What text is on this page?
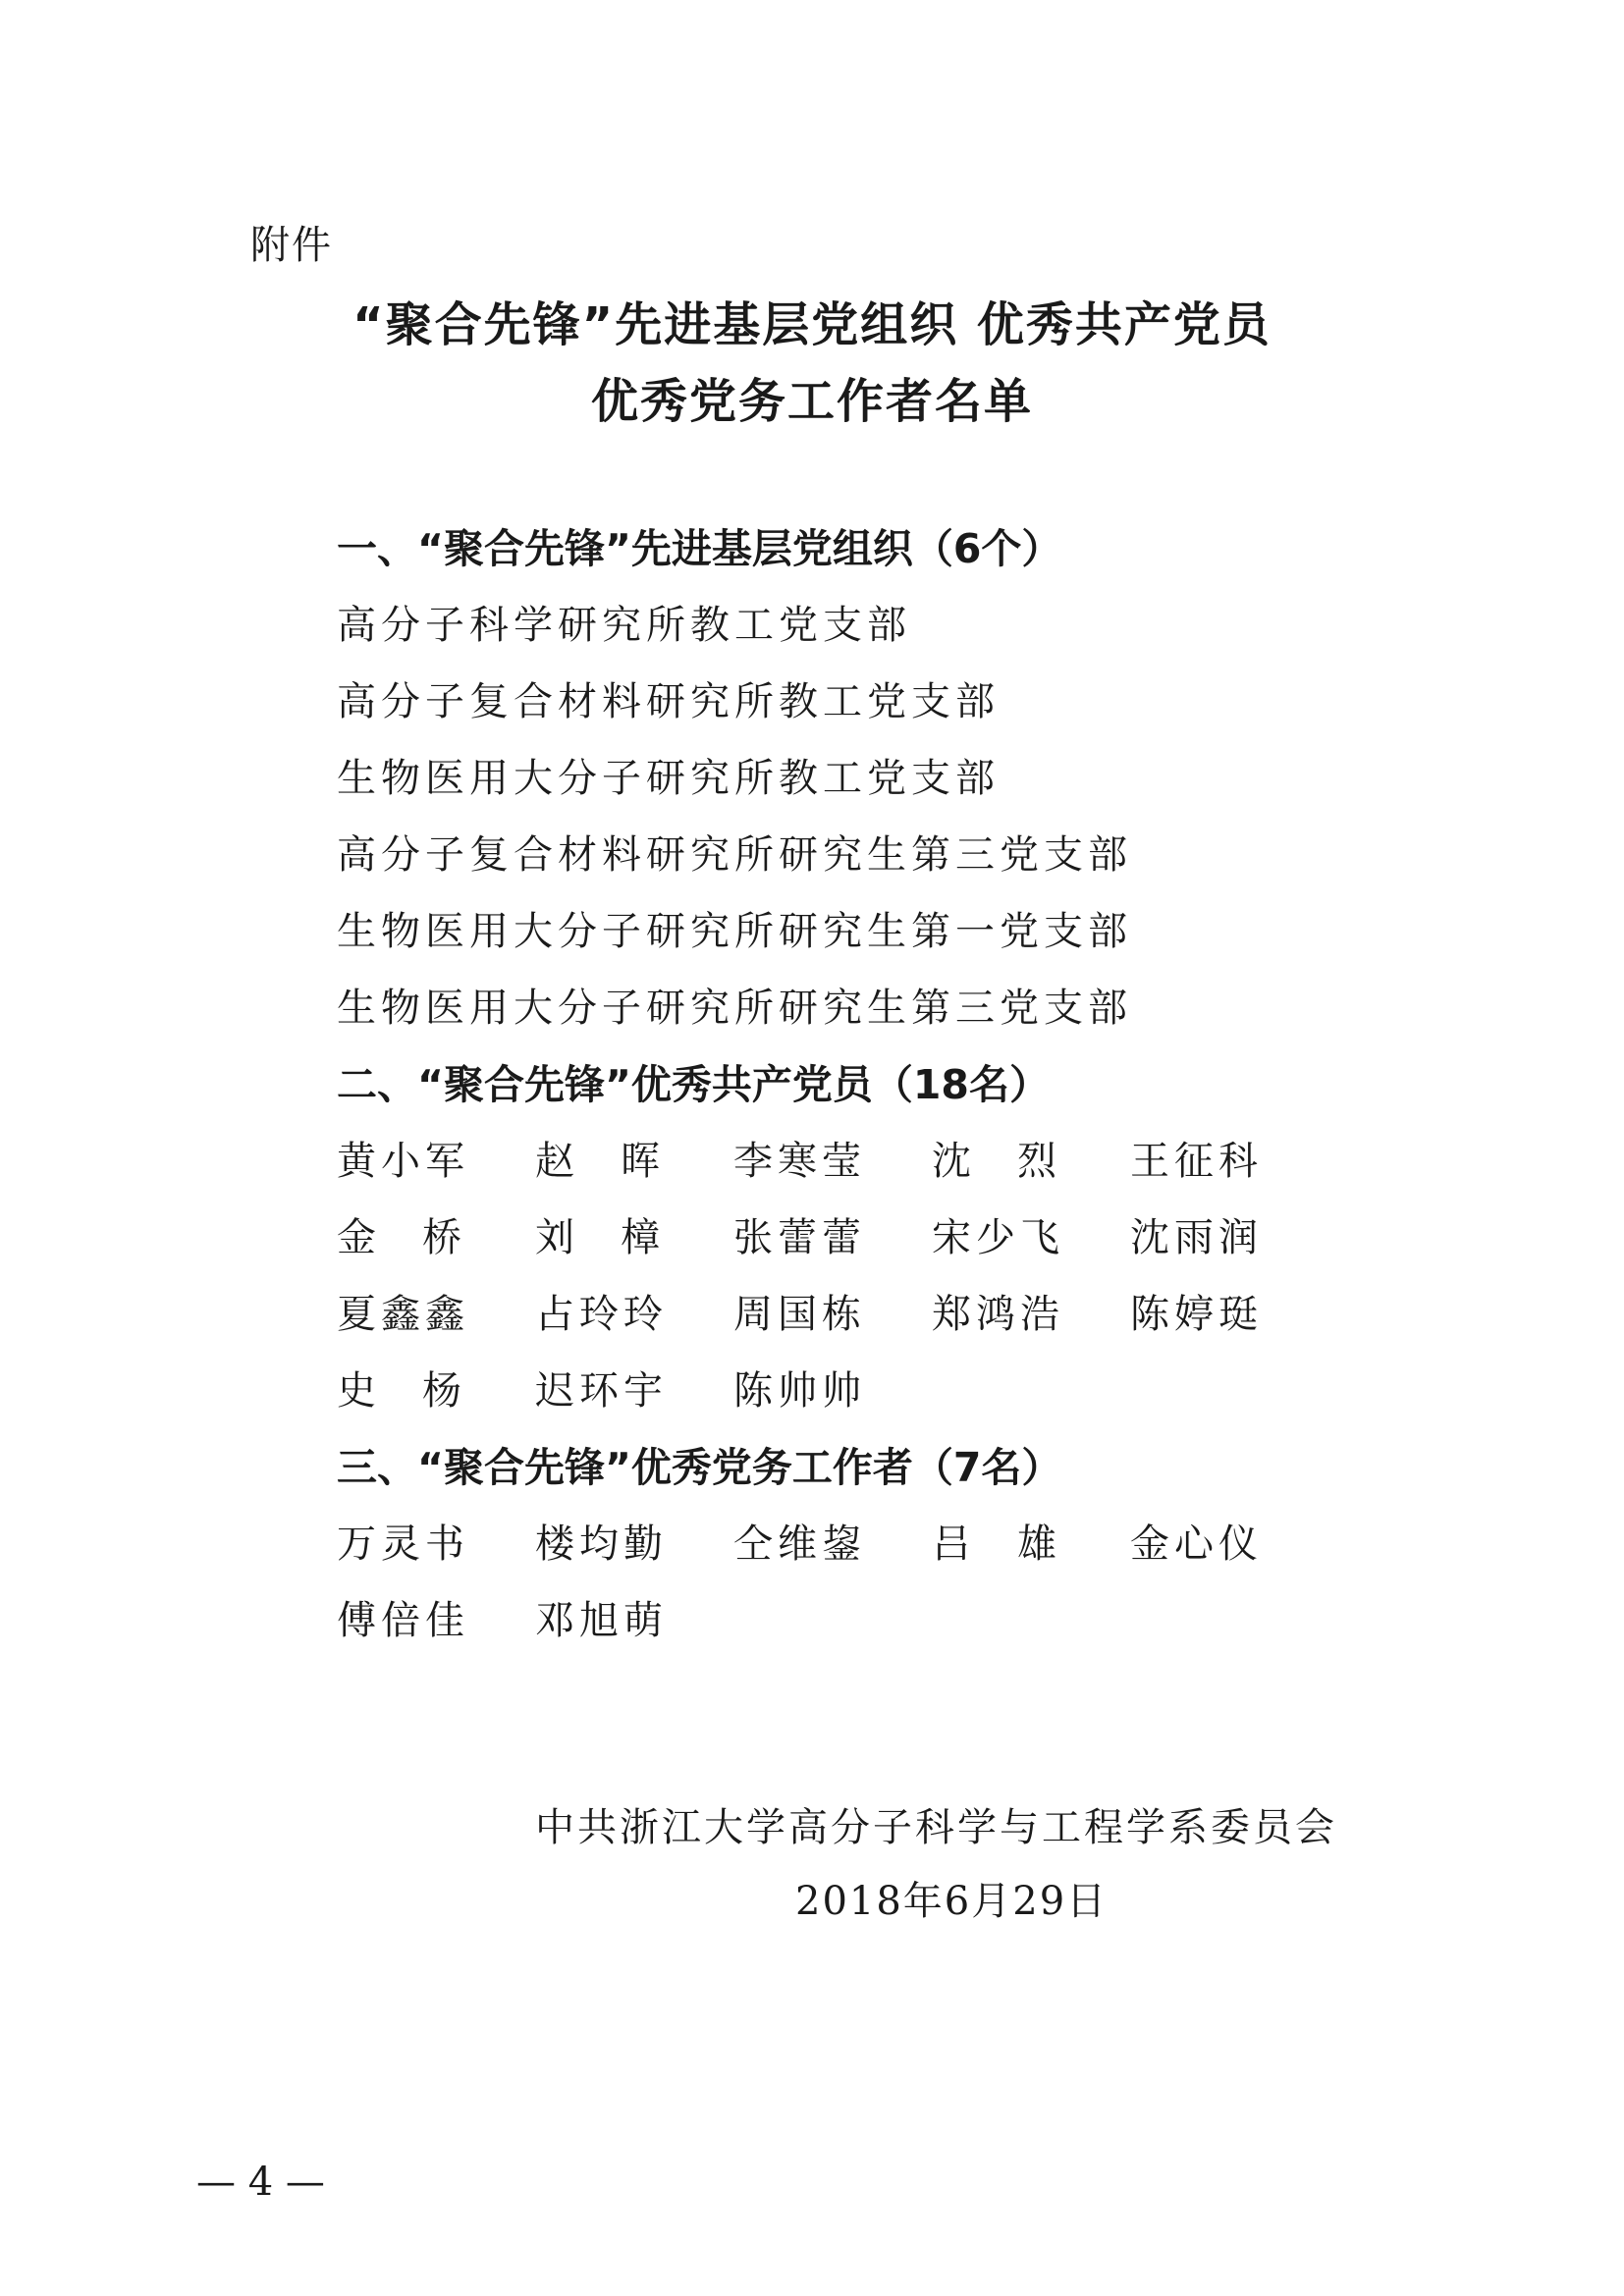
附件
“聚合先锋”先进基层党组织 优秀共产党员
优秀党务工作者名单
一、“聚合先锋”先进基层党组织（6个）
高分子科学研究所教工党支部
高分子复合材料研究所教工党支部
生物医用大分子研究所教工党支部
高分子复合材料研究所研究生第三党支部
生物医用大分子研究所研究生第一党支部
生物医用大分子研究所研究生第三党支部
二、“聚合先锋”优秀共产党员（18名）
黄 小 军 赵 晖 李 寒 莹 沈 烈 王 征 科
金 桥 刘 樟 张 蕾 蕾 宋 少 飞 沈 雨 润
夏 鑫 鑫 占 玲 玲 周 国 栋 郑 鸿 浩 陈 婷 珽
史 杨 迟 环 宇 陈 帅 帅
三、“聚合先锋”优秀党务工作者（7名）
万 灵 书 楼 均 勤 仝 维 鋆 吕 雄 金 心 仪
傅 倍 佳 邓 旭 萌
中共浙江大学高分子科学与工程学系委员会
2018年6月29日
— 4 —
